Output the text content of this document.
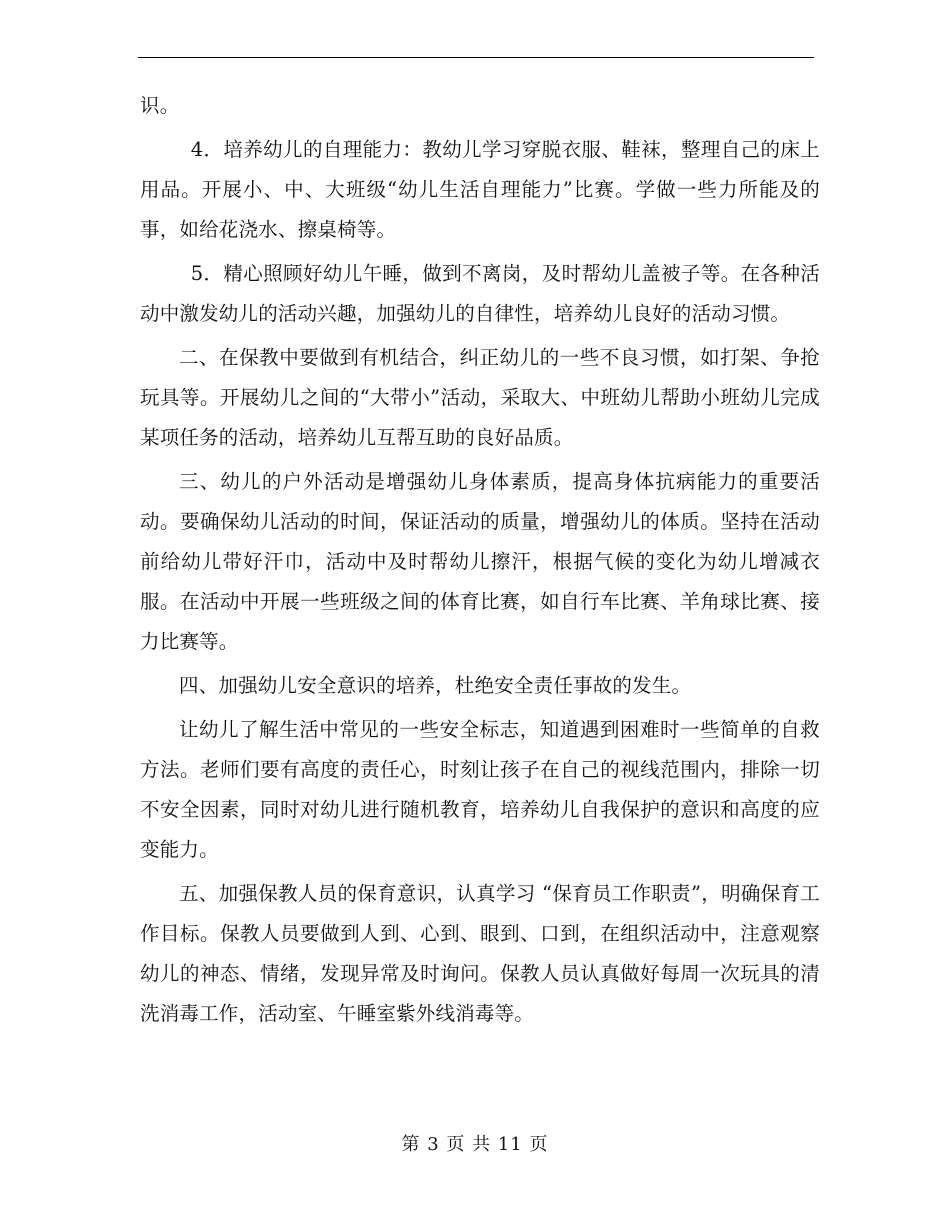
识。

4．培养幼儿的自理能力：教幼儿学习穿脱衣服、鞋袜，整理自己的床上用品。开展小、中、大班级“幼儿生活自理能力”比赛。学做一些力所能及的事，如给花浇水、擦桌椅等。

5．精心照顾好幼儿午睡，做到不离岗，及时帮幼儿盖被子等。在各种活动中激发幼儿的活动兴趣，加强幼儿的自律性，培养幼儿良好的活动习惯。

二、在保教中要做到有机结合，纠正幼儿的一些不良习惯，如打架、争抢玩具等。开展幼儿之间的“大带小”活动，采取大、中班幼儿帮助小班幼儿完成某项任务的活动，培养幼儿互帮互助的良好品质。

三、幼儿的户外活动是增强幼儿身体素质，提高身体抗病能力的重要活动。要确保幼儿活动的时间，保证活动的质量，增强幼儿的体质。坚持在活动前给幼儿带好汗巾，活动中及时帮幼儿擦汗，根据气候的变化为幼儿增减衣服。在活动中开展一些班级之间的体育比赛，如自行车比赛、羊角球比赛、接力比赛等。

四、加强幼儿安全意识的培养，杜绝安全责任事故的发生。

让幼儿了解生活中常见的一些安全标志，知道遇到困难时一些简单的自救方法。老师们要有高度的责任心，时刻让孩子在自己的视线范围内，排除一切不安全因素，同时对幼儿进行随机教育，培养幼儿自我保护的意识和高度的应变能力。

五、加强保教人员的保育意识，认真学习 “保育员工作职责”，明确保育工作目标。保教人员要做到人到、心到、眼到、口到，在组织活动中，注意观察幼儿的神态、情绪，发现异常及时询问。保教人员认真做好每周一次玩具的清洗消毒工作，活动室、午睡室紫外线消毒等。

第 3 页 共 11 页
